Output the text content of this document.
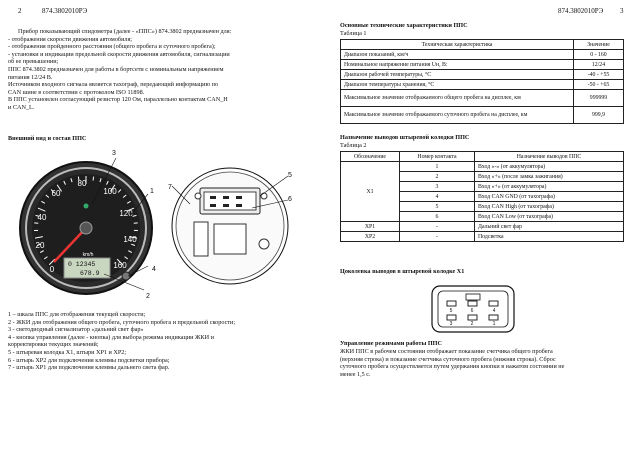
2	874.3802010РЭ
Прибор показывающий спидометра (далее - «ППС») 874.3802 предназначен для:
- отображения скорости движения автомобиля;
- отображения пройденного расстояния (общего пробега и суточного пробега);
- установки и индикации предельной скорости движения автомобиля, сигнализации
об ее превышении;
ППС 874.3802 предназначен для работы в бортсети с номинальным напряжением
питания 12/24 В.
Источником входного сигнала является тахограф, передающий информацию по
CAN шине в соответствии с протоколом ISO 11898.
В ППС установлен согласующий резистор 120 Ом, параллельно контактам CAN_H
и CAN_L.
Внешний вид и состав ППС
3
1
4
2
7
5
6
0
20
40
60
80
100
120
140
160
km/h
0 12345
678.9

1 – шкала ППС для отображения текущей скорости;

2 - ЖКИ для отображения общего пробега, суточного пробега и предельной скорости;

3 - светодиодный сигнализатор «дальний свет фар»

4 - кнопка управления (далее - кнопка) для выбора режима индикации ЖКИ и

корректировки текущих значений;

5 - штыревая колодка Х1, штыри ХР1 и ХР2;

6 - штырь ХР2 для подключения клеммы подсветки прибора;

7 - штырь ХР1 для подключения клеммы дальнего света фар.

874.3802010РЭ 3
Основные технические характеристики ППС
Таблица 1
Техническая характеристика	Значение
Диапазон показаний, км/ч	0 - 160
Номинальное напряжение питания Uн, В:	12/24
Диапазон рабочей температуры, °С	-40 - +55
Диапазон температуры хранения, °С	-50 - +65
Максимальное значение отображаемого общего пробега на дисплее, км	999999
Максимальное значение отображаемого суточного пробега на дисплее, км	999,9
Назначение выводов штыревой колодки ППС
Таблица 2
Обозначение	Номер контакта	Назначение выводов ППС
X1	1	Вход «-» (от аккумулятора)
	2	Вход «+» (после замка зажигания)
	3	Вход «+» (от аккумулятора)
	4	Вход CAN GND (от тахографа)
	5	Вход CAN High (от тахографа)
	6	Вход CAN Low (от тахографа)
ХР1	-	Дальний свет фар
ХР2	-	Подсветка
Цоколевка выводов в штыревой колодке Х1
5	6	4
3	2	1
Управление режимами работы ППС
ЖКИ ППС в рабочем состоянии отображает показание счетчика общего пробега
(верхняя строка) и показание счетчика суточного пробега (нижняя строка). Сброс
суточного пробега осуществляется путем удержания кнопки в нажатом состоянии не
менее 1,5 с.
